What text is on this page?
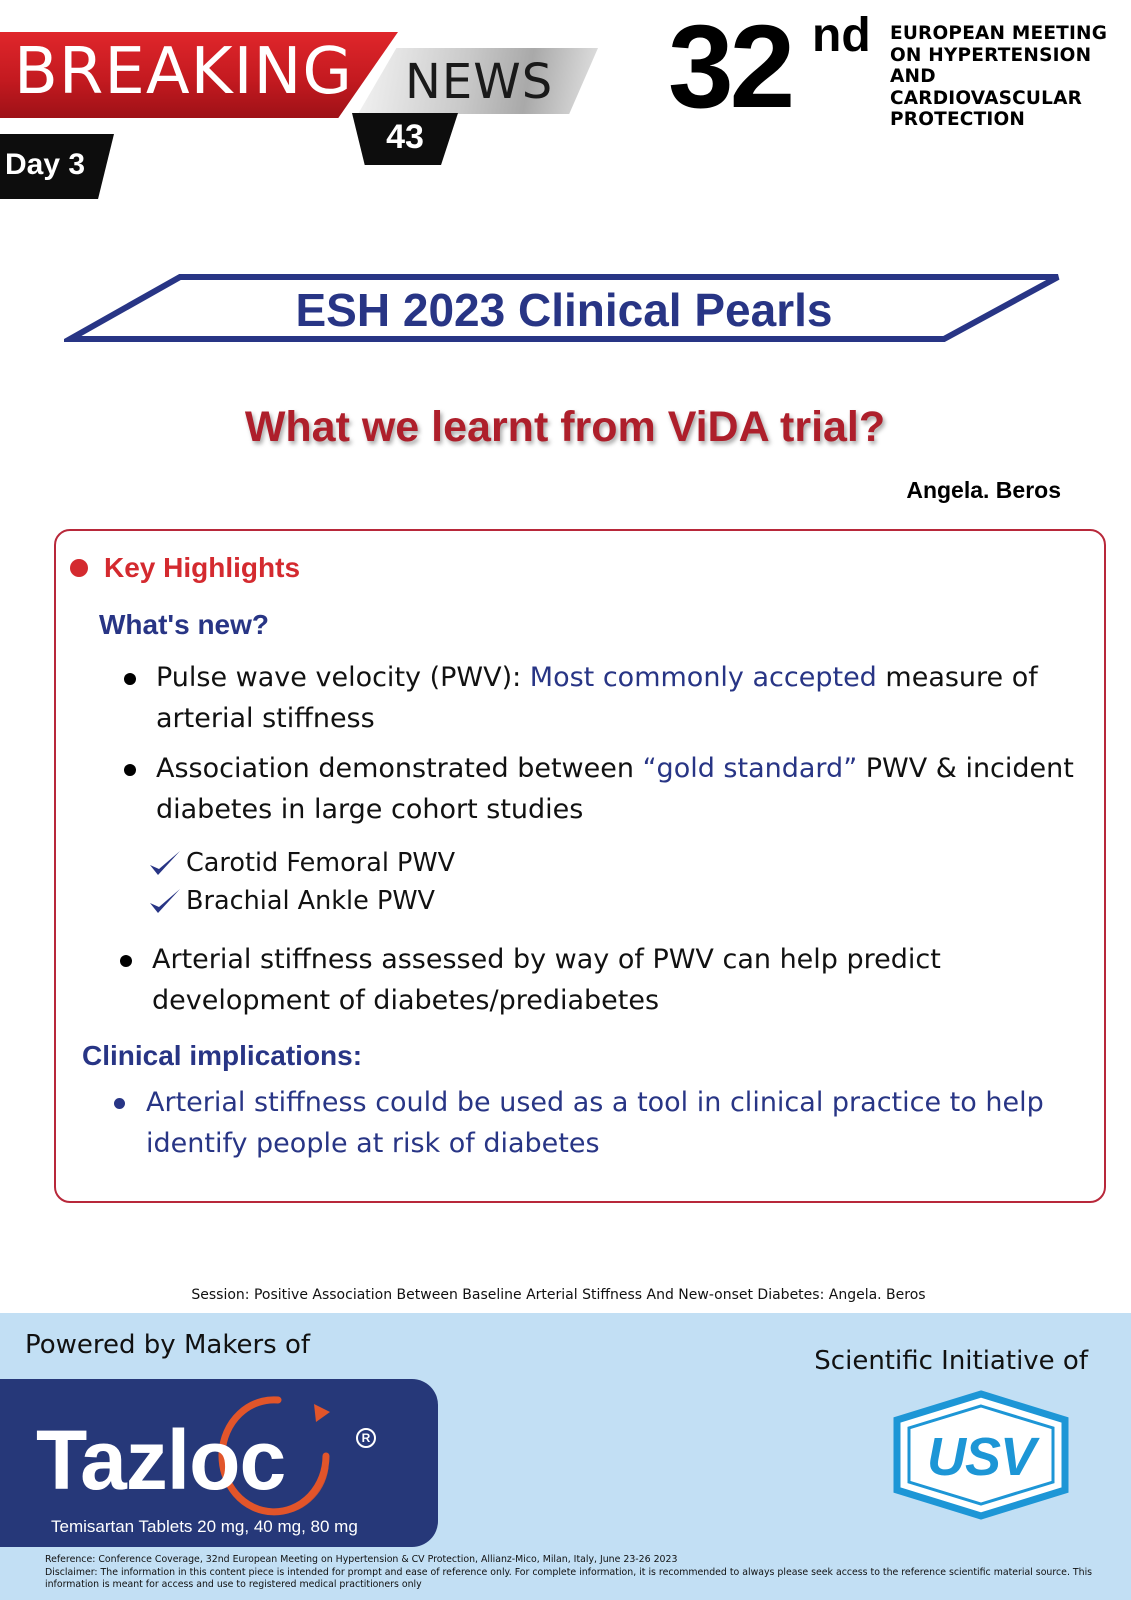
BREAKING NEWS
43
Day 3
32 nd EUROPEAN MEETING ON HYPERTENSION AND CARDIOVASCULAR PROTECTION
ESH 2023 Clinical Pearls
What we learnt from ViDA trial?
Angela. Beros
Key Highlights
What's new?
Pulse wave velocity (PWV): Most commonly accepted measure of arterial stiffness
Association demonstrated between “gold standard” PWV & incident diabetes in large cohort studies
Carotid Femoral PWV
Brachial Ankle PWV
Arterial stiffness assessed by way of PWV can help predict development of diabetes/prediabetes
Clinical implications:
Arterial stiffness could be used as a tool in clinical practice to help identify people at risk of diabetes
Session: Positive Association Between Baseline Arterial Stiffness And New-onset Diabetes: Angela. Beros
Powered by Makers of
Tazloc	R
Temisartan Tablets 20 mg, 40 mg, 80 mg
Scientific Initiative of
USV
Reference: Conference Coverage, 32nd European Meeting on Hypertension & CV Protection, Allianz-Mico, Milan, Italy, June 23-26 2023
Disclaimer: The information in this content piece is intended for prompt and ease of reference only. For complete information, it is recommended to always please seek access to the reference scientific material source. This information is meant for access and use to registered medical practitioners only
